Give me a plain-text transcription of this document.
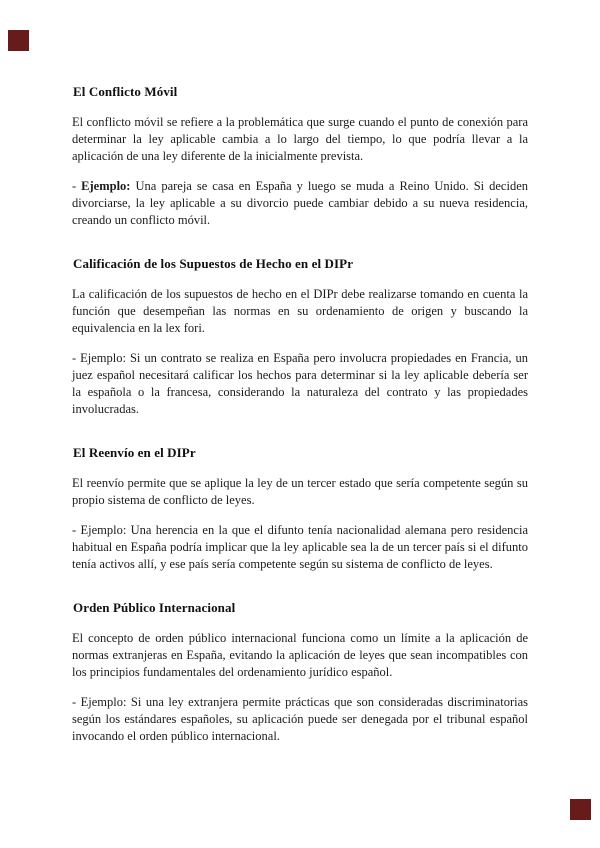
El Conflicto Móvil

El conflicto móvil se refiere a la problemática que surge cuando el punto de conexión para determinar la ley aplicable cambia a lo largo del tiempo, lo que podría llevar a la aplicación de una ley diferente de la inicialmente prevista.

- Ejemplo: Una pareja se casa en España y luego se muda a Reino Unido. Si deciden divorciarse, la ley aplicable a su divorcio puede cambiar debido a su nueva residencia, creando un conflicto móvil.

Calificación de los Supuestos de Hecho en el DIPr

La calificación de los supuestos de hecho en el DIPr debe realizarse tomando en cuenta la función que desempeñan las normas en su ordenamiento de origen y buscando la equivalencia en la lex fori.

- Ejemplo: Si un contrato se realiza en España pero involucra propiedades en Francia, un juez español necesitará calificar los hechos para determinar si la ley aplicable debería ser la española o la francesa, considerando la naturaleza del contrato y las propiedades involucradas.

El Reenvío en el DIPr

El reenvío permite que se aplique la ley de un tercer estado que sería competente según su propio sistema de conflicto de leyes.

- Ejemplo: Una herencia en la que el difunto tenía nacionalidad alemana pero residencia habitual en España podría implicar que la ley aplicable sea la de un tercer país si el difunto tenía activos allí, y ese país sería competente según su sistema de conflicto de leyes.

Orden Público Internacional

El concepto de orden público internacional funciona como un límite a la aplicación de normas extranjeras en España, evitando la aplicación de leyes que sean incompatibles con los principios fundamentales del ordenamiento jurídico español.

- Ejemplo: Si una ley extranjera permite prácticas que son consideradas discriminatorias según los estándares españoles, su aplicación puede ser denegada por el tribunal español invocando el orden público internacional.
